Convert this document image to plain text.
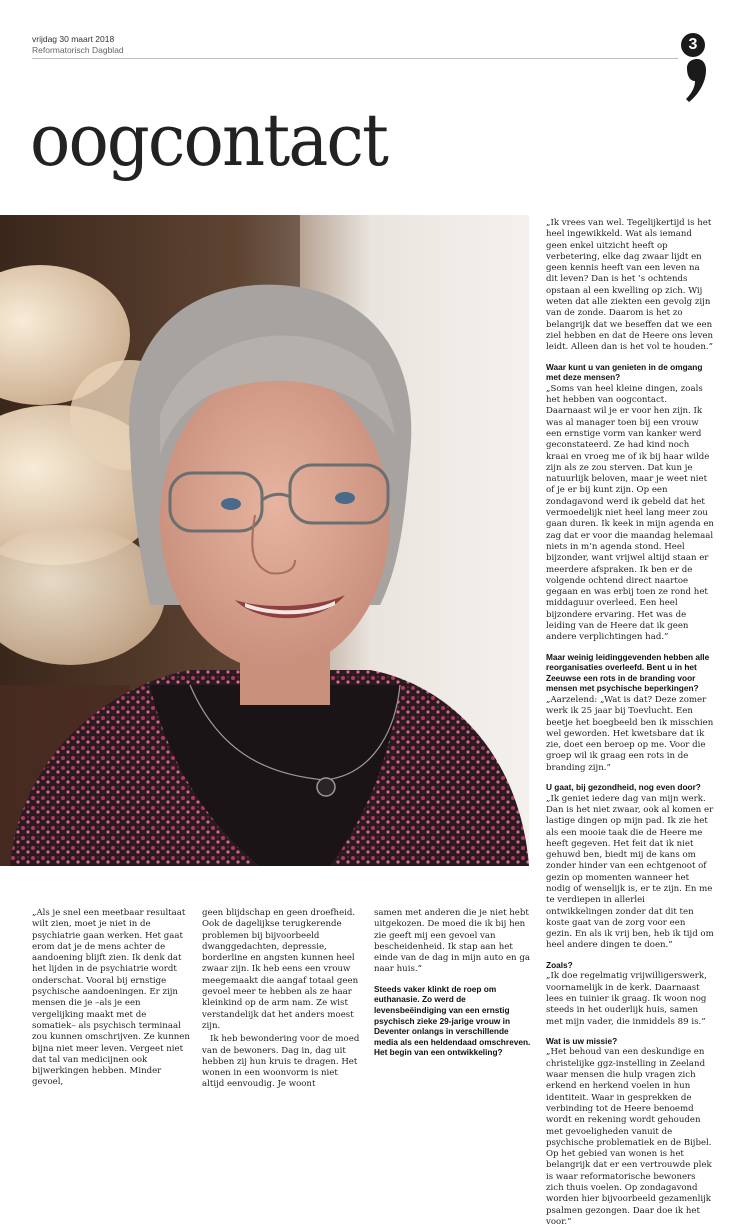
vrijdag 30 maart 2018
Reformatorisch Dagblad	3
oogcontact

„Ik vrees van wel. Tegelijkertijd is het heel ingewikkeld. Wat als iemand geen enkel uitzicht heeft op verbetering, elke dag zwaar lijdt en geen kennis heeft van een leven na dit leven? Dan is het ’s ochtends opstaan al een kwelling op zich. Wij weten dat alle ziekten een gevolg zijn van de zonde. Daarom is het zo belangrijk dat we beseffen dat we een ziel hebben en dat de Heere ons leven leidt. Alleen dan is het vol te houden.”

Waar kunt u van genieten in de omgang met deze mensen?

„Soms van heel kleine dingen, zoals het hebben van oogcontact. Daarnaast wil je er voor hen zijn. Ik was al manager toen bij een vrouw een ernstige vorm van kanker werd geconstateerd. Ze had kind noch kraai en vroeg me of ik bij haar wilde zijn als ze zou sterven. Dat kun je natuurlijk beloven, maar je weet niet of je er bij kunt zijn. Op een zondagavond werd ik gebeld dat het vermoedelijk niet heel lang meer zou gaan duren. Ik keek in mijn agenda en zag dat er voor die maandag helemaal niets in m’n agenda stond. Heel bijzonder, want vrijwel altijd staan er meerdere afspraken. Ik ben er de volgende ochtend direct naartoe gegaan en was erbij toen ze rond het middaguur overleed. Een heel bijzondere ervaring. Het was de leiding van de Heere dat ik geen andere verplichtingen had.”

Maar weinig leidinggevenden hebben alle reorganisaties overleefd. Bent u in het Zeeuwse een rots in de branding voor mensen met psychische beperkingen?

„Aarzelend: „Wat is dat? Deze zomer werk ik 25 jaar bij Toevlucht. Een beetje het boegbeeld ben ik misschien wel geworden. Het kwetsbare dat ik zie, doet een beroep op me. Voor die groep wil ik graag een rots in de branding zijn.”

U gaat, bij gezondheid, nog even door?

„Ik geniet iedere dag van mijn werk. Dan is het niet zwaar, ook al komen er lastige dingen op mijn pad. Ik zie het als een mooie taak die de Heere me heeft gegeven. Het feit dat ik niet gehuwd ben, biedt mij de kans om zonder hinder van een echtgenoot of gezin op momenten wanneer het nodig of wenselijk is, er te zijn. En me te verdiepen in allerlei ontwikkelingen zonder dat dit ten koste gaat van de zorg voor een gezin. En als ik vrij ben, heb ik tijd om heel andere dingen te doen.”

Zoals?

„Ik doe regelmatig vrijwilligerswerk, voornamelijk in de kerk. Daarnaast lees en tuinier ik graag. Ik woon nog steeds in het ouderlijk huis, samen met mijn vader, die inmiddels 89 is.”

Wat is uw missie?

„Het behoud van een deskundige en christelijke ggz-instelling in Zeeland waar mensen die hulp vragen zich erkend en herkend voelen in hun identiteit. Waar in gesprekken de verbinding tot de Heere benoemd wordt en rekening wordt gehouden met gevoeligheden vanuit de psychische problematiek en de Bijbel. Op het gebied van wonen is het belangrijk dat er een vertrouwde plek is waar reformatorische bewoners zich thuis voelen. Op zondagavond worden hier bijvoorbeeld gezamenlijk psalmen gezongen. Daar doe ik het voor.”

„Als je snel een meetbaar resultaat wilt zien, moet je niet in de psychiatrie gaan werken. Het gaat erom dat je de mens achter de aandoening blijft zien. Ik denk dat het lijden in de psychiatrie wordt onderschat. Vooral bij ernstige psychische aandoeningen. Er zijn mensen die je –als je een vergelijking maakt met de somatiek– als psychisch terminaal zou kunnen omschrijven. Ze kunnen bijna niet meer leven. Vergeet niet dat tal van medicijnen ook bijwerkingen hebben. Minder gevoel,

geen blijdschap en geen droefheid. Ook de dagelijkse terugkerende problemen bij bijvoorbeeld dwanggedachten, depressie, borderline en angsten kunnen heel zwaar zijn. Ik heb eens een vrouw meegemaakt die aangaf totaal geen gevoel meer te hebben als ze haar kleinkind op de arm nam. Ze wist verstandelijk dat het anders moest zijn.

Ik heb bewondering voor de moed van de bewoners. Dag in, dag uit hebben zij hun kruis te dragen. Het wonen in een woonvorm is niet altijd eenvoudig. Je woont

samen met anderen die je niet hebt uitgekozen. De moed die ik bij hen zie geeft mij een gevoel van bescheidenheid. Ik stap aan het einde van de dag in mijn auto en ga naar huis.”

Steeds vaker klinkt de roep om euthanasie. Zo werd de levensbeëindiging van een ernstig psychisch zieke 29-jarige vrouw in Deventer onlangs in verschillende media als een heldendaad omschreven. Het begin van een ontwikkeling?
